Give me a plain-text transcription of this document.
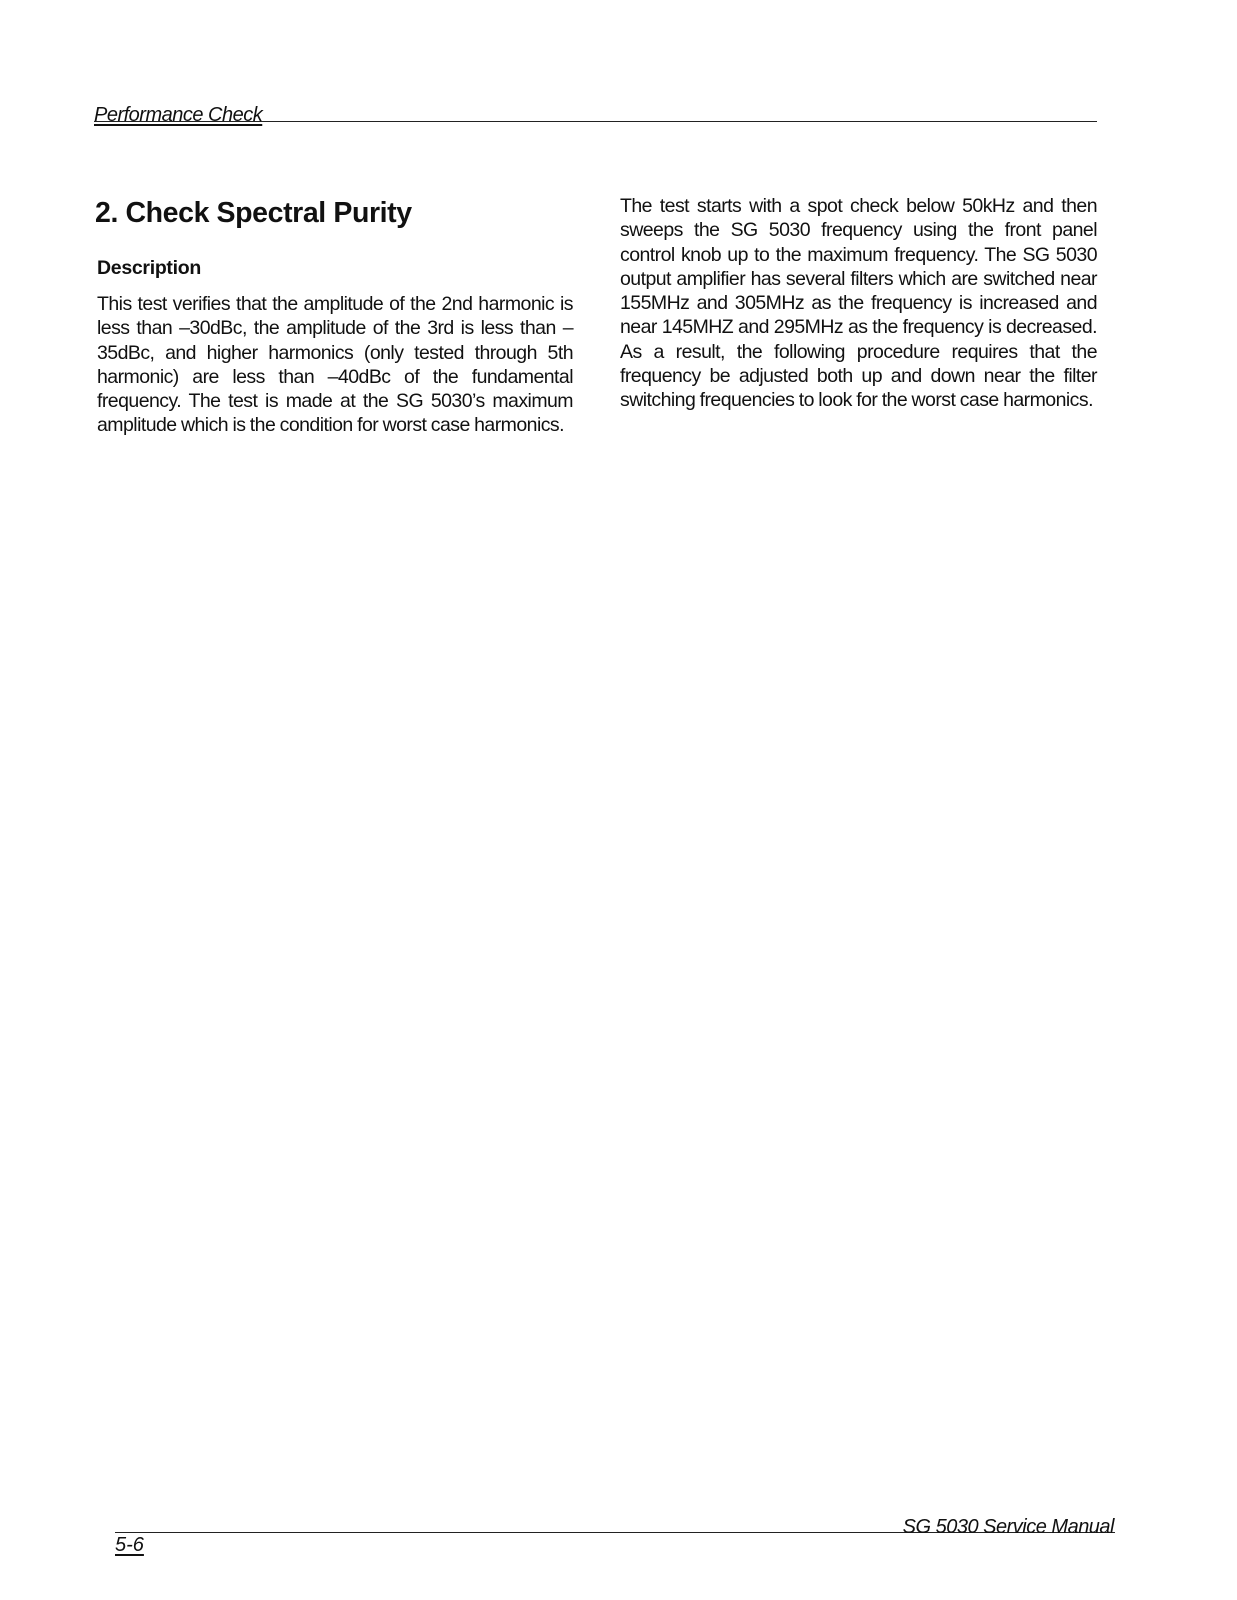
Performance Check
2. Check Spectral Purity
Description

This test verifies that the amplitude of the 2nd harmonic is less than –30dBc, the amplitude of the 3rd is less than –35dBc, and higher harmonics (only tested through 5th harmonic) are less than –40dBc of the fundamental frequency. The test is made at the SG 5030’s maximum amplitude which is the condition for worst case harmonics.

The test starts with a spot check below 50kHz and then sweeps the SG 5030 frequency using the front panel control knob up to the maximum frequency. The SG 5030 output amplifier has several filters which are switched near 155MHz and 305MHz as the frequency is increased and near 145MHZ and 295MHz as the frequency is decreased. As a result, the following procedure requires that the frequency be adjusted both up and down near the filter switching frequencies to look for the worst case harmonics.

5-6
SG 5030 Service Manual
